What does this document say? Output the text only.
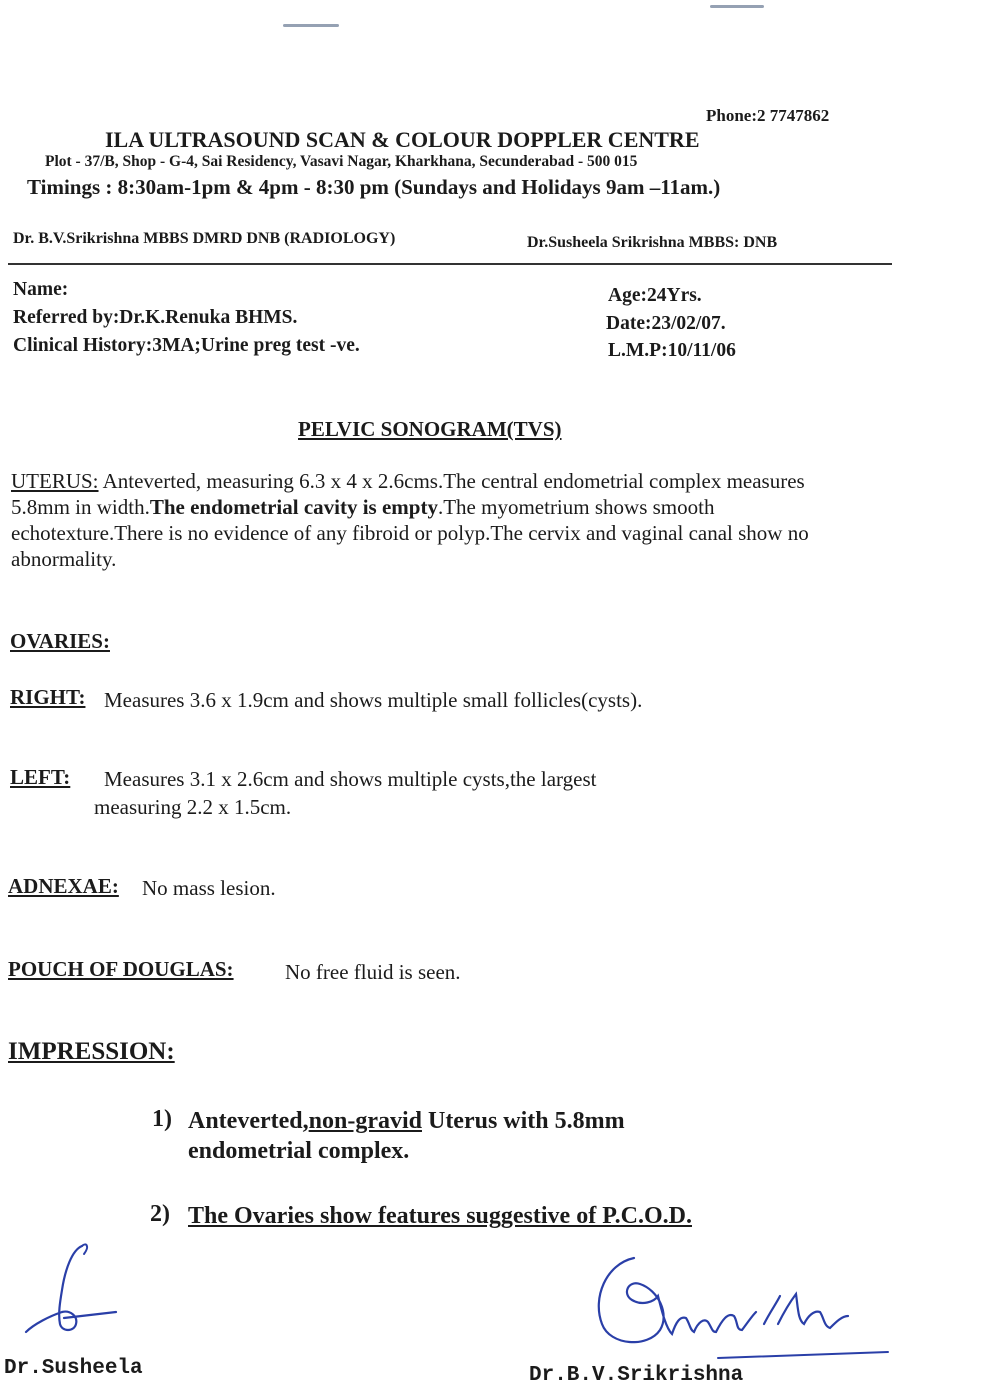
Phone:2 7747862
ILA ULTRASOUND SCAN & COLOUR DOPPLER CENTRE
Plot - 37/B, Shop - G-4, Sai Residency, Vasavi Nagar, Kharkhana, Secunderabad - 500 015
Timings : 8:30am-1pm & 4pm - 8:30 pm (Sundays and Holidays 9am –11am.)
Dr. B.V.Srikrishna MBBS DMRD DNB (RADIOLOGY)	Dr.Susheela Srikrishna MBBS: DNB
Name:
Referred by:Dr.K.Renuka BHMS.
Clinical History:3MA;Urine preg test -ve.
Age:24Yrs.
Date:23/02/07.
L.M.P:10/11/06
PELVIC SONOGRAM(TVS)
UTERUS: Anteverted, measuring 6.3 x 4 x 2.6cms.The central endometrial complex measures 5.8mm in width.The endometrial cavity is empty.The myometrium shows smooth echotexture.There is no evidence of any fibroid or polyp.The cervix and vaginal canal show no abnormality.
OVARIES:
RIGHT: Measures 3.6 x 1.9cm and shows multiple small follicles(cysts).
LEFT: Measures 3.1 x 2.6cm and shows multiple cysts,the largest
measuring 2.2 x 1.5cm.
ADNEXAE: No mass lesion.
POUCH OF DOUGLAS: No free fluid is seen.
IMPRESSION:
1) Anteverted,non-gravid Uterus with 5.8mm
endometrial complex.
2) The Ovaries show features suggestive of P.C.O.D.
Dr.Susheela	Dr.B.V.Srikrishna
